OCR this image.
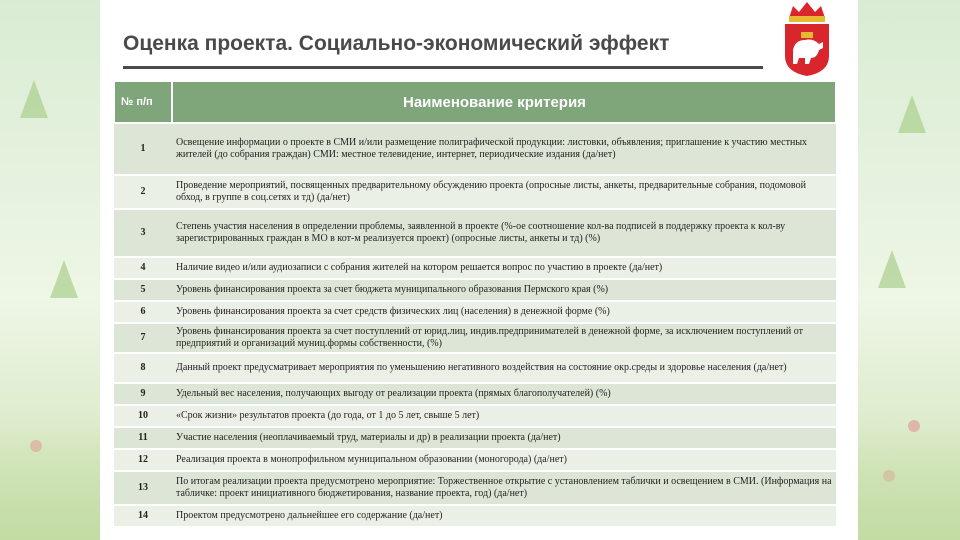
Оценка проекта. Социально-экономический эффект
№ п/п	Наименование критерия
1	Освещение информации о проекте в СМИ и/или размещение полиграфической продукции: листовки, объявления; приглашение к участию местных жителей (до собрания граждан) СМИ: местное телевидение, интернет, периодические издания (да/нет)
2	Проведение мероприятий, посвященных предварительному обсуждению проекта (опросные листы, анкеты, предварительные собрания, подомовой обход, в группе в соц.сетях и тд) (да/нет)
3	Степень участия населения в определении проблемы, заявленной в проекте (%-ое соотношение кол-ва подписей в поддержку проекта к кол-ву зарегистрированных граждан в МО в кот-м реализуется проект) (опросные листы, анкеты и тд) (%)
4	Наличие видео и/или аудиозаписи с собрания жителей на котором решается вопрос по участию в проекте (да/нет)
5	Уровень финансирования проекта за счет бюджета муниципального образования Пермского края (%)
6	Уровень финансирования проекта за счет средств физических лиц (населения) в денежной форме (%)
7	Уровень финансирования проекта за счет поступлений от юрид.лиц, индив.предпринимателей в денежной форме, за исключением поступлений от предприятий и организаций муниц.формы собственности, (%)
8	Данный проект предусматривает мероприятия по уменьшению негативного воздействия на состояние окр.среды и здоровье населения (да/нет)
9	Удельный вес населения, получающих выгоду от реализации проекта (прямых благополучателей) (%)
10	«Срок жизни» результатов проекта (до года, от 1 до 5 лет, свыше 5 лет)
11	Участие населения (неоплачиваемый труд, материалы и др) в реализации проекта (да/нет)
12	Реализация проекта в монопрофильном муниципальном образовании (моногорода) (да/нет)
13	По итогам реализации проекта предусмотрено мероприятие: Торжественное открытие с установлением таблички и освещением в СМИ. (Информация на табличке: проект инициативного бюджетирования, название проекта, год) (да/нет)
14	Проектом предусмотрено дальнейшее его содержание (да/нет)
